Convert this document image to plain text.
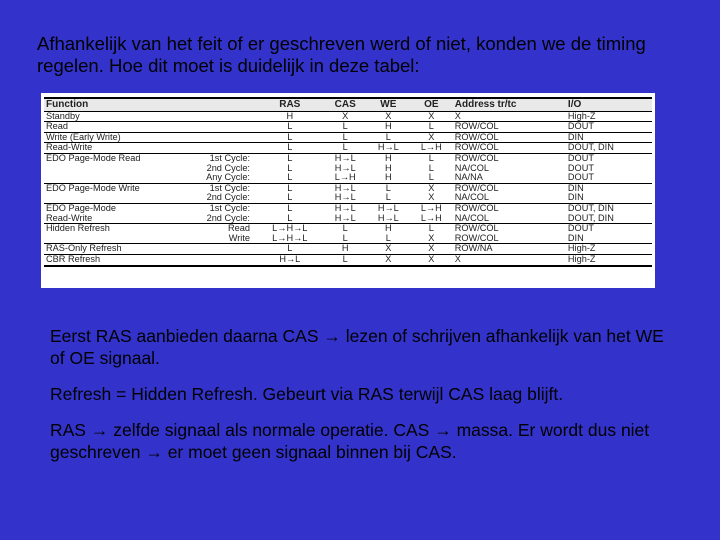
Afhankelijk van het feit of er geschreven werd of niet, konden we de timing regelen. Hoe dit moet is duidelijk in deze tabel:
Function		RAS	CAS	WE	OE	Address tr/tc	I/O
Standby		H	X	X	X	X	High-Z
Read		L	L	H	L	ROW/COL	DOUT
Write (Early Write)		L	L	L	X	ROW/COL	DIN
Read-Write		L	L	H→L	L→H	ROW/COL	DOUT, DIN
EDO Page-Mode Read	1st Cycle:	L	H→L	H	L	ROW/COL	DOUT
	2nd Cycle:	L	H→L	H	L	NA/COL	DOUT
	Any Cycle:	L	L→H	H	L	NA/NA	DOUT
EDO Page-Mode Write	1st Cycle:	L	H→L	L	X	ROW/COL	DIN
	2nd Cycle:	L	H→L	L	X	NA/COL	DIN
EDO Page-Mode	1st Cycle:	L	H→L	H→L	L→H	ROW/COL	DOUT, DIN
Read-Write	2nd Cycle:	L	H→L	H→L	L→H	NA/COL	DOUT, DIN
Hidden Refresh	Read	L→H→L	L	H	L	ROW/COL	DOUT
	Write	L→H→L	L	L	X	ROW/COL	DIN
RAS-Only Refresh		L	H	X	X	ROW/NA	High-Z
CBR Refresh		H→L	L	X	X	X	High-Z

Eerst RAS aanbieden daarna CAS → lezen of schrijven afhankelijk van het WE of OE signaal.

Refresh = Hidden Refresh. Gebeurt via RAS terwijl CAS laag blijft.

RAS → zelfde signaal als normale operatie. CAS → massa. Er wordt dus niet geschreven → er moet geen signaal binnen bij CAS.
